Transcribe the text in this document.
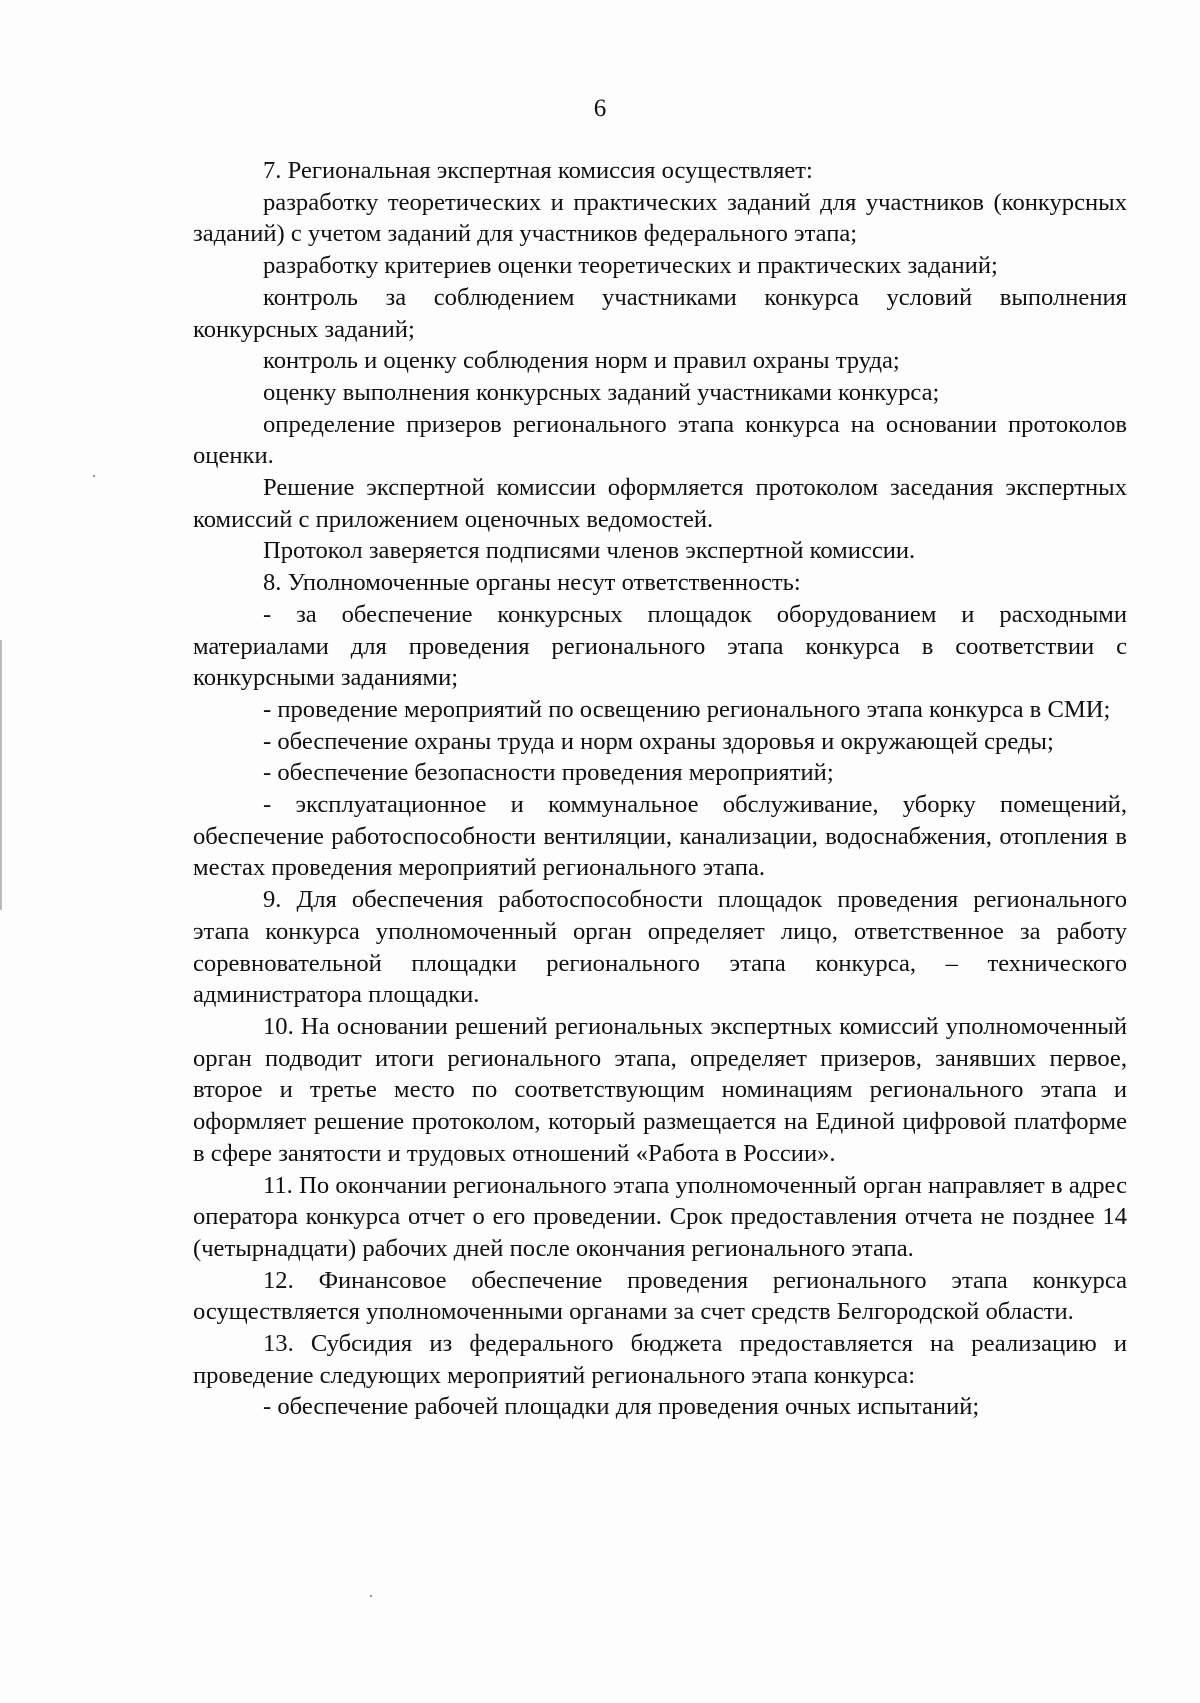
6

7. Региональная экспертная комиссия осуществляет:

разработку теоретических и практических заданий для участников (конкурсных заданий) с учетом заданий для участников федерального этапа;

разработку критериев оценки теоретических и практических заданий;

контроль за соблюдением участниками конкурса условий выполнения конкурсных заданий;

контроль и оценку соблюдения норм и правил охраны труда;

оценку выполнения конкурсных заданий участниками конкурса;

определение призеров регионального этапа конкурса на основании протоколов оценки.

Решение экспертной комиссии оформляется протоколом заседания экспертных комиссий с приложением оценочных ведомостей.

Протокол заверяется подписями членов экспертной комиссии.

8. Уполномоченные органы несут ответственность:

- за обеспечение конкурсных площадок оборудованием и расходными материалами для проведения регионального этапа конкурса в соответствии с конкурсными заданиями;

- проведение мероприятий по освещению регионального этапа конкурса в СМИ;

- обеспечение охраны труда и норм охраны здоровья и окружающей среды;

- обеспечение безопасности проведения мероприятий;

- эксплуатационное и коммунальное обслуживание, уборку помещений, обеспечение работоспособности вентиляции, канализации, водоснабжения, отопления в местах проведения мероприятий регионального этапа.

9. Для обеспечения работоспособности площадок проведения регионального этапа конкурса уполномоченный орган определяет лицо, ответственное за работу соревновательной площадки регионального этапа конкурса, – технического администратора площадки.

10. На основании решений региональных экспертных комиссий уполномоченный орган подводит итоги регионального этапа, определяет призеров, занявших первое, второе и третье место по соответствующим номинациям регионального этапа и оформляет решение протоколом, который размещается на Единой цифровой платформе в сфере занятости и трудовых отношений «Работа в России».

11. По окончании регионального этапа уполномоченный орган направляет в адрес оператора конкурса отчет о его проведении. Срок предоставления отчета не позднее 14 (четырнадцати) рабочих дней после окончания регионального этапа.

12. Финансовое обеспечение проведения регионального этапа конкурса осуществляется уполномоченными органами за счет средств Белгородской области.

13. Субсидия из федерального бюджета предоставляется на реализацию и проведение следующих мероприятий регионального этапа конкурса:

- обеспечение рабочей площадки для проведения очных испытаний;
